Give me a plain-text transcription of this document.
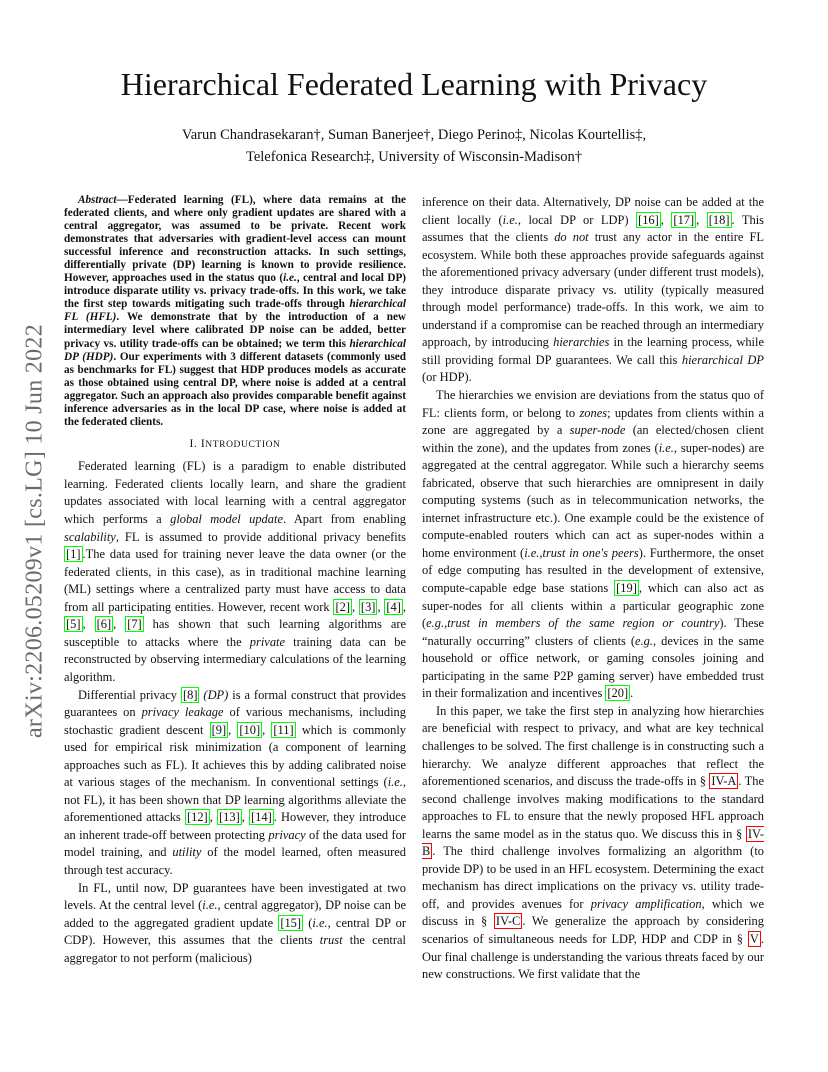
arXiv:2206.05209v1 [cs.LG] 10 Jun 2022
Hierarchical Federated Learning with Privacy
Varun Chandrasekaran†, Suman Banerjee†, Diego Perino‡, Nicolas Kourtellis‡,
Telefonica Research‡, University of Wisconsin-Madison†

Abstract—Federated learning (FL), where data remains at the federated clients, and where only gradient updates are shared with a central aggregator, was assumed to be private. Recent work demonstrates that adversaries with gradient-level access can mount successful inference and reconstruction attacks. In such settings, differentially private (DP) learning is known to provide resilience. However, approaches used in the status quo (i.e., central and local DP) introduce disparate utility vs. privacy trade-offs. In this work, we take the first step towards mitigating such trade-offs through hierarchical FL (HFL). We demonstrate that by the introduction of a new intermediary level where calibrated DP noise can be added, better privacy vs. utility trade-offs can be obtained; we term this hierarchical DP (HDP). Our experiments with 3 different datasets (commonly used as benchmarks for FL) suggest that HDP produces models as accurate as those obtained using central DP, where noise is added at a central aggregator. Such an approach also provides comparable benefit against inference adversaries as in the local DP case, where noise is added at the federated clients.

I. INTRODUCTION

Federated learning (FL) is a paradigm to enable distributed learning. Federated clients locally learn, and share the gradient updates associated with local learning with a central aggregator which performs a global model update. Apart from enabling scalability, FL is assumed to provide additional privacy benefits [1] .The data used for training never leave the data owner (or the federated clients, in this case), as in traditional machine learning (ML) settings where a centralized party must have access to data from all participating entities. However, recent work [2] , [3] , [4] , [5] , [6] , [7] has shown that such learning algorithms are susceptible to attacks where the private training data can be reconstructed by observing intermediary calculations of the learning algorithm.

Differential privacy [8] (DP) is a formal construct that provides guarantees on privacy leakage of various mechanisms, including stochastic gradient descent [9] , [10] , [11] which is commonly used for empirical risk minimization (a component of learning approaches such as FL). It achieves this by adding calibrated noise at various stages of the mechanism. In conventional settings (i.e., not FL), it has been shown that DP learning algorithms alleviate the aforementioned attacks [12] , [13] , [14] . However, they introduce an inherent trade-off between protecting privacy of the data used for model training, and utility of the model learned, often measured through test accuracy.

In FL, until now, DP guarantees have been investigated at two levels. At the central level (i.e., central aggregator), DP noise can be added to the aggregated gradient update [15] (i.e., central DP or CDP). However, this assumes that the clients trust the central aggregator to not perform (malicious)

inference on their data. Alternatively, DP noise can be added at the client locally (i.e., local DP or LDP) [16] , [17] , [18] . This assumes that the clients do not trust any actor in the entire FL ecosystem. While both these approaches provide safeguards against the aforementioned privacy adversary (under different trust models), they introduce disparate privacy vs. utility (typically measured through model performance) trade-offs. In this work, we aim to understand if a compromise can be reached through an intermediary approach, by introducing hierarchies in the learning process, while still providing formal DP guarantees. We call this hierarchical DP (or HDP).

The hierarchies we envision are deviations from the status quo of FL: clients form, or belong to zones; updates from clients within a zone are aggregated by a super-node (an elected/chosen client within the zone), and the updates from zones (i.e., super-nodes) are aggregated at the central aggregator. While such a hierarchy seems fabricated, observe that such hierarchies are omnipresent in daily computing systems (such as in telecommunication networks, the internet infrastructure etc.). One example could be the existence of compute-enabled routers which can act as super-nodes within a home environment (i.e.,trust in one's peers). Furthermore, the onset of edge computing has resulted in the development of extensive, compute-capable edge base stations [19] , which can also act as super-nodes for all clients within a particular geographic zone (e.g.,trust in members of the same region or country). These “naturally occurring” clusters of clients (e.g., devices in the same household or office network, or gaming consoles joining and participating in the same P2P gaming server) have embedded trust in their formalization and incentives [20] .

In this paper, we take the first step in analyzing how hierarchies are beneficial with respect to privacy, and what are key technical challenges to be solved. The first challenge is in constructing such a hierarchy. We analyze different approaches that reflect the aforementioned scenarios, and discuss the trade-offs in § IV-A . The second challenge involves making modifications to the standard approaches to FL to ensure that the newly proposed HFL approach learns the same model as in the status quo. We discuss this in § IV-B . The third challenge involves formalizing an algorithm (to provide DP) to be used in an HFL ecosystem. Determining the exact mechanism has direct implications on the privacy vs. utility trade-off, and provides avenues for privacy amplification, which we discuss in § IV-C . We generalize the approach by considering scenarios of simultaneous needs for LDP, HDP and CDP in § V . Our final challenge is understanding the various threats faced by our new constructions. We first validate that the
